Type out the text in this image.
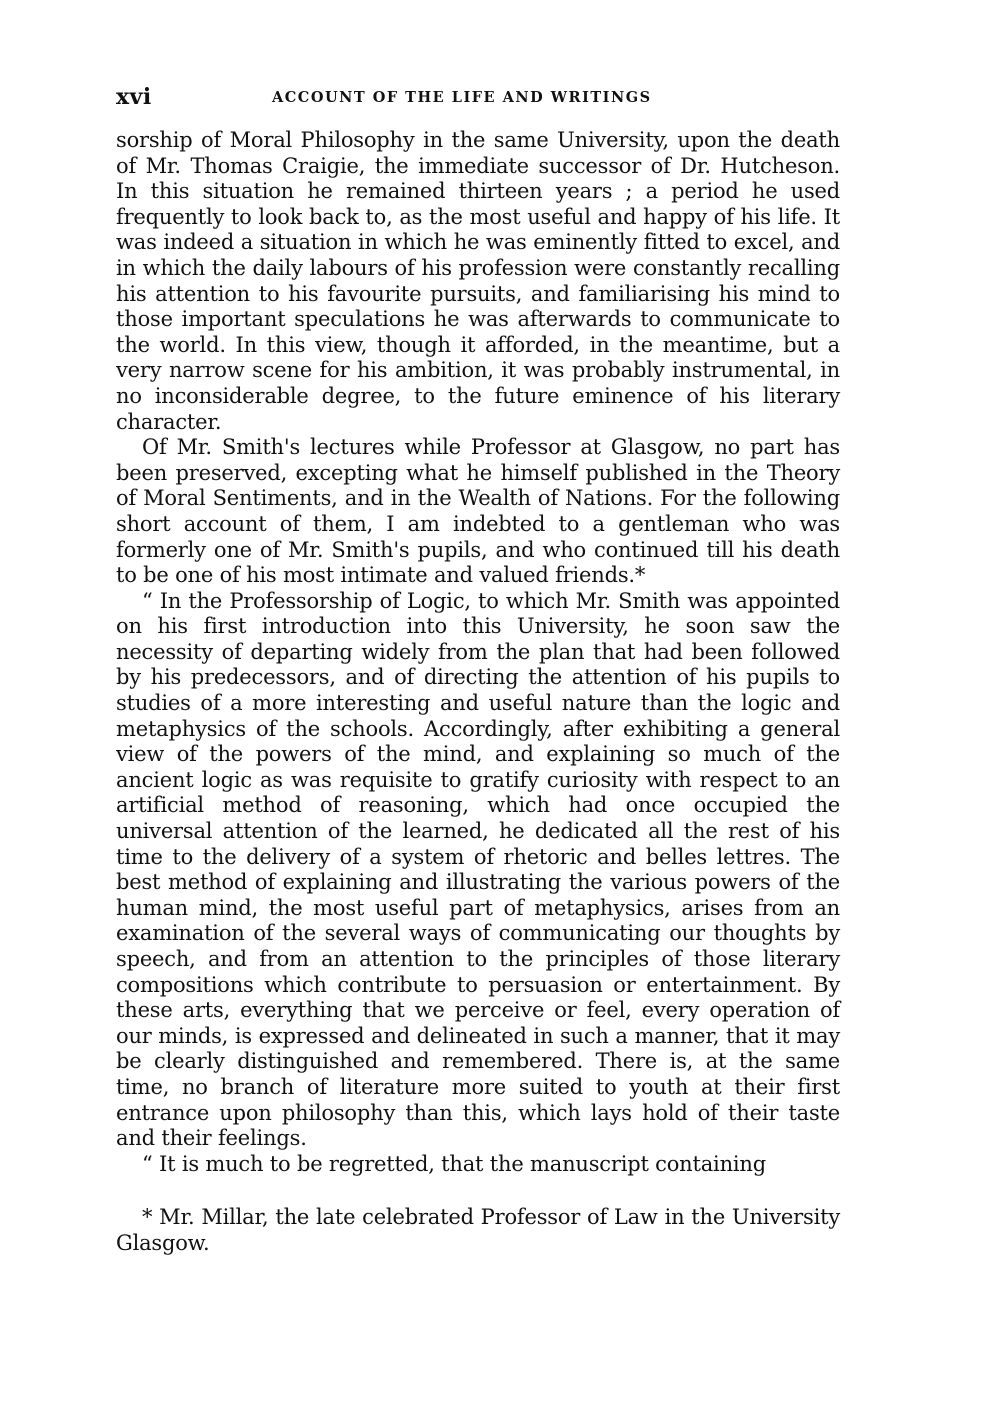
xvi	ACCOUNT OF THE LIFE AND WRITINGS

sorship of Moral Philosophy in the same University, upon the death of Mr. Thomas Craigie, the immediate successor of Dr. Hutcheson. In this situation he remained thirteen years ; a period he used frequently to look back to, as the most useful and happy of his life. It was indeed a situation in which he was eminently fitted to excel, and in which the daily labours of his profession were constantly recalling his attention to his favourite pursuits, and familiarising his mind to those important speculations he was afterwards to communicate to the world. In this view, though it afforded, in the meantime, but a very narrow scene for his ambition, it was probably instrumental, in no inconsiderable degree, to the future eminence of his literary character.

Of Mr. Smith's lectures while Professor at Glasgow, no part has been preserved, excepting what he himself published in the Theory of Moral Sentiments, and in the Wealth of Nations. For the following short account of them, I am indebted to a gentleman who was formerly one of Mr. Smith's pupils, and who continued till his death to be one of his most intimate and valued friends.*

“ In the Professorship of Logic, to which Mr. Smith was appointed on his first introduction into this University, he soon saw the necessity of departing widely from the plan that had been followed by his predecessors, and of directing the attention of his pupils to studies of a more interesting and useful nature than the logic and metaphysics of the schools. Accordingly, after exhibiting a general view of the powers of the mind, and explaining so much of the ancient logic as was requisite to gratify curiosity with respect to an artificial method of reasoning, which had once occupied the universal attention of the learned, he dedicated all the rest of his time to the delivery of a system of rhetoric and belles lettres. The best method of explaining and illustrating the various powers of the human mind, the most useful part of metaphysics, arises from an examination of the several ways of communicating our thoughts by speech, and from an attention to the principles of those literary compositions which contribute to persuasion or entertainment. By these arts, everything that we perceive or feel, every operation of our minds, is expressed and delineated in such a manner, that it may be clearly distinguished and remembered. There is, at the same time, no branch of literature more suited to youth at their first entrance upon philosophy than this, which lays hold of their taste and their feelings.

“ It is much to be regretted, that the manuscript containing

* Mr. Millar, the late celebrated Professor of Law in the University Glasgow.
